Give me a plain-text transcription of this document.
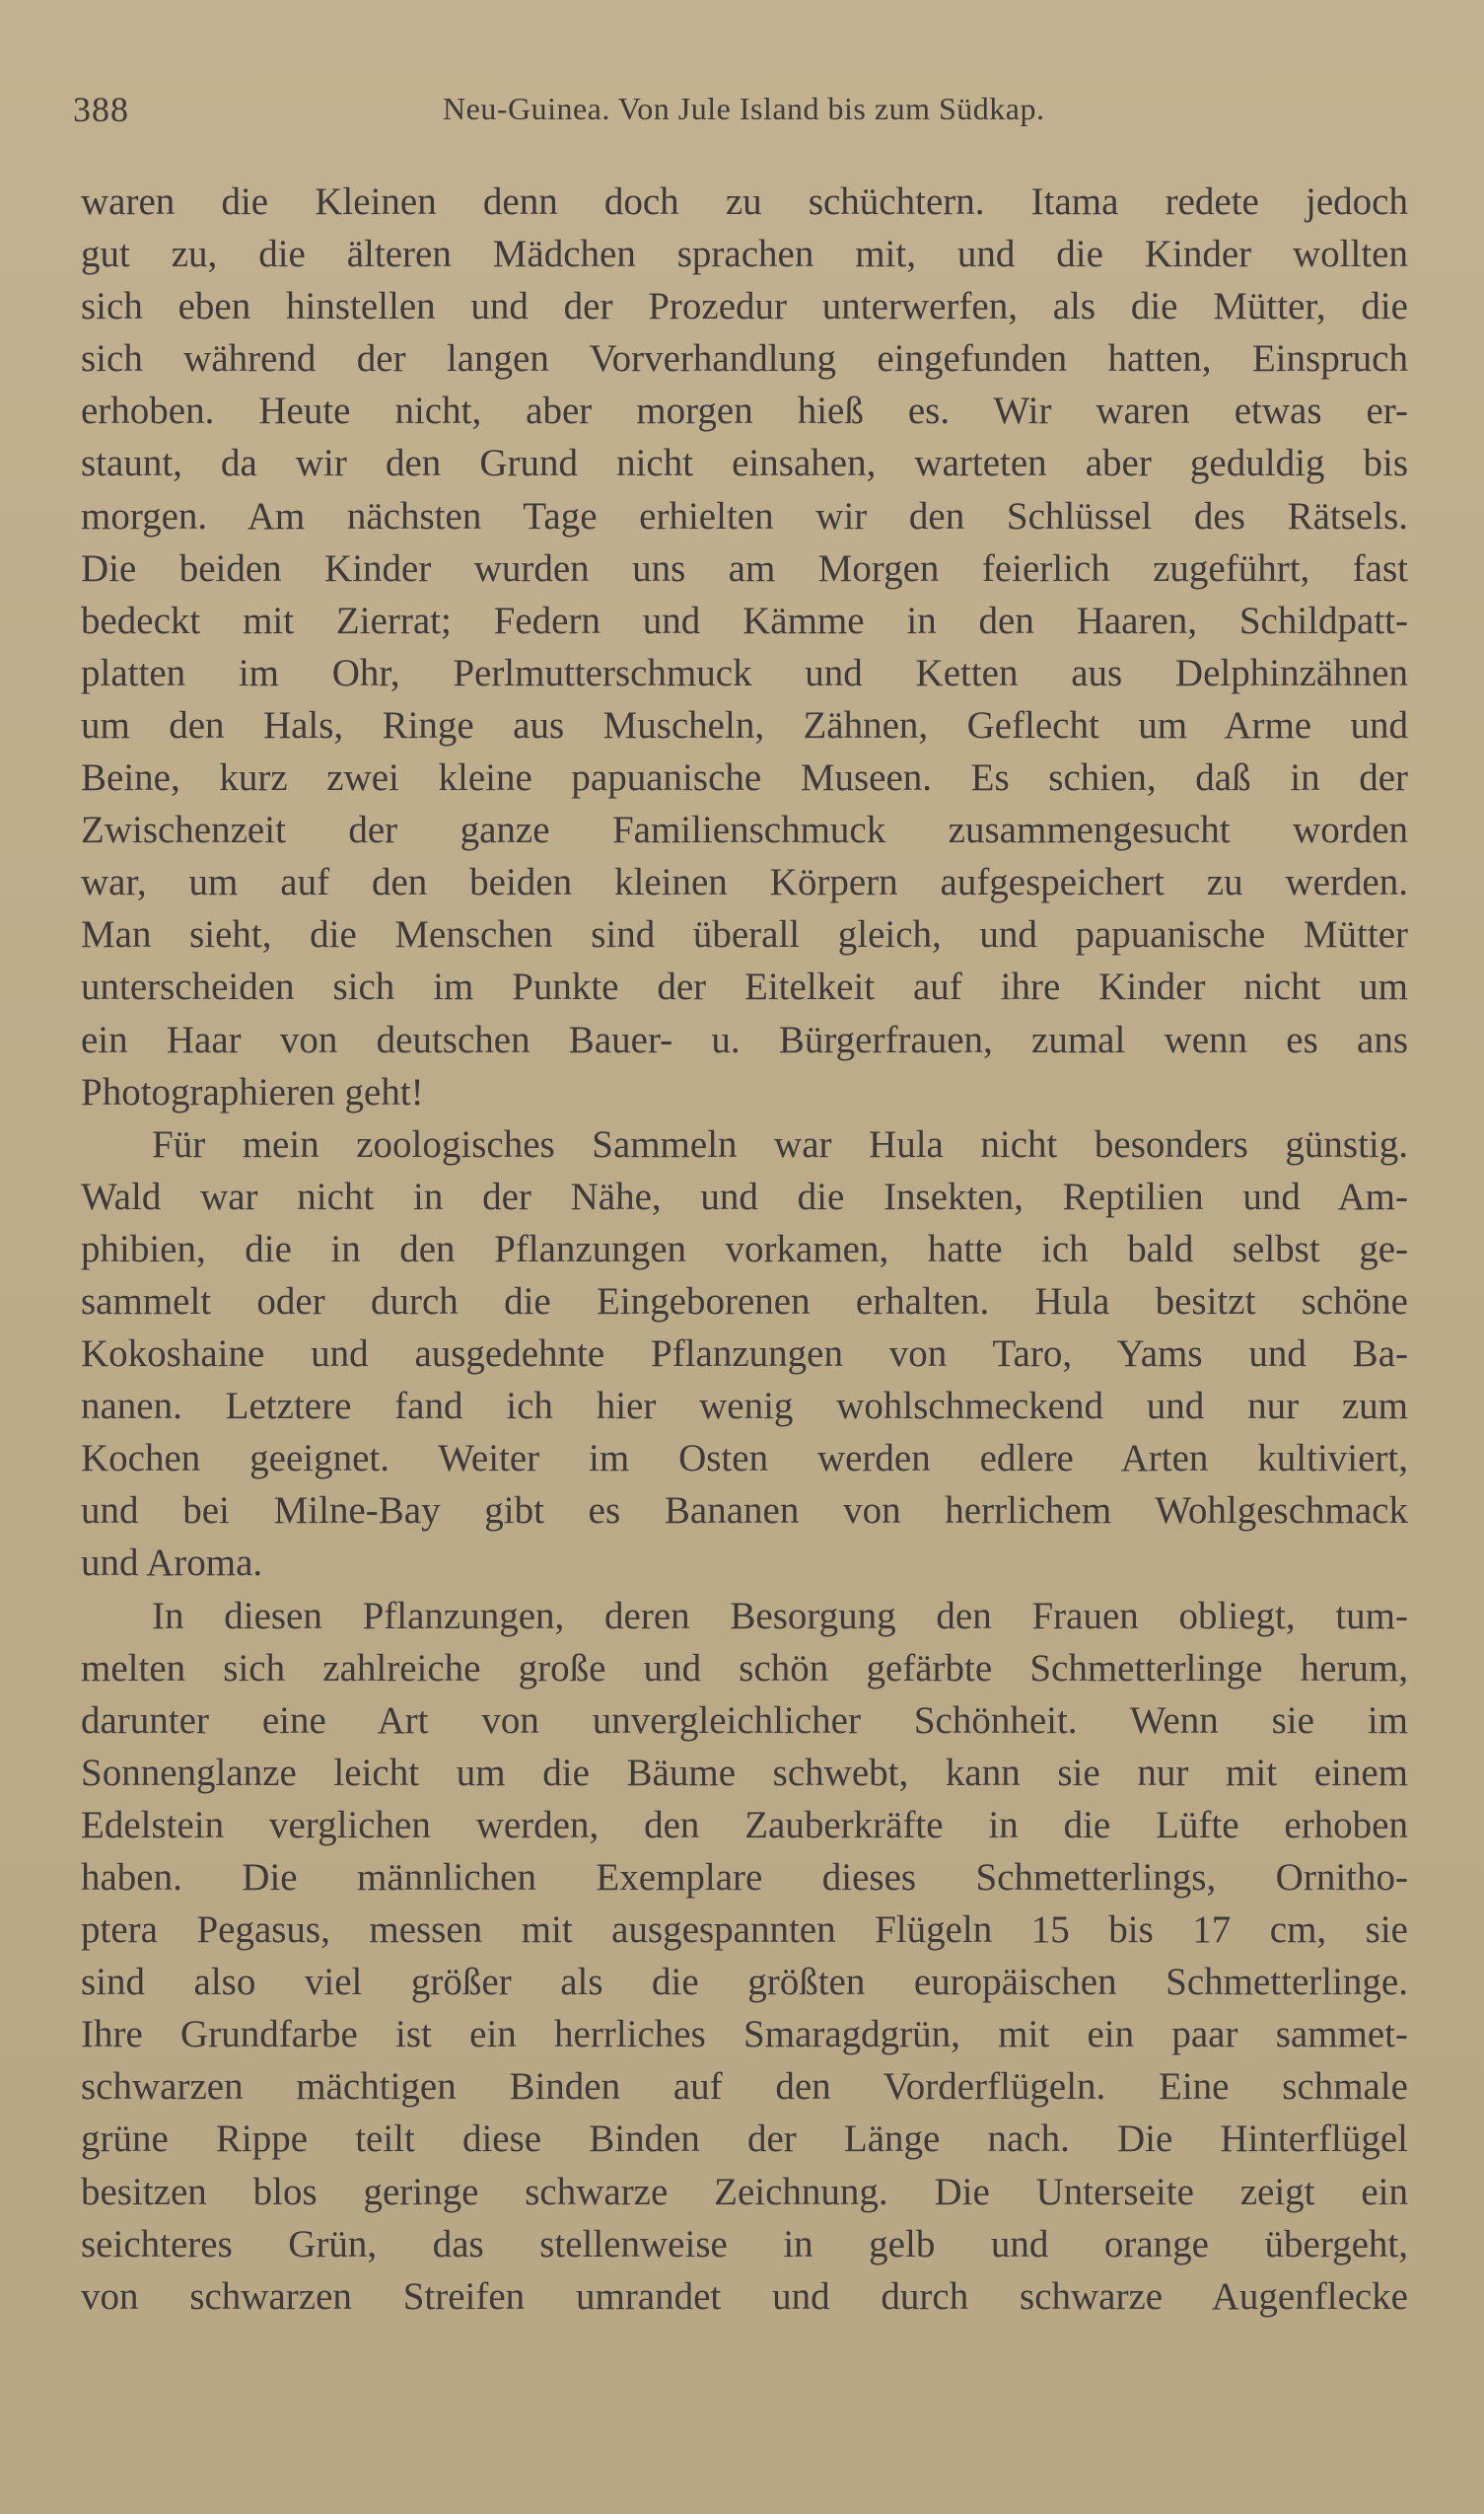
388	Neu-Guinea. Von Jule Island bis zum Südkap.
waren die Kleinen denn doch zu schüchtern. Itama redete jedoch
gut zu, die älteren Mädchen sprachen mit, und die Kinder wollten
sich eben hinstellen und der Prozedur unterwerfen, als die Mütter, die
sich während der langen Vorverhandlung eingefunden hatten, Einspruch
erhoben. Heute nicht, aber morgen hieß es. Wir waren etwas er-
staunt, da wir den Grund nicht einsahen, warteten aber geduldig bis
morgen. Am nächsten Tage erhielten wir den Schlüssel des Rätsels.
Die beiden Kinder wurden uns am Morgen feierlich zugeführt, fast
bedeckt mit Zierrat; Federn und Kämme in den Haaren, Schildpatt-
platten im Ohr, Perlmutterschmuck und Ketten aus Delphinzähnen
um den Hals, Ringe aus Muscheln, Zähnen, Geflecht um Arme und
Beine, kurz zwei kleine papuanische Museen. Es schien, daß in der
Zwischenzeit der ganze Familienschmuck zusammengesucht worden
war, um auf den beiden kleinen Körpern aufgespeichert zu werden.
Man sieht, die Menschen sind überall gleich, und papuanische Mütter
unterscheiden sich im Punkte der Eitelkeit auf ihre Kinder nicht um
ein Haar von deutschen Bauer- u. Bürgerfrauen, zumal wenn es ans
Photographieren geht!
Für mein zoologisches Sammeln war Hula nicht besonders günstig.
Wald war nicht in der Nähe, und die Insekten, Reptilien und Am-
phibien, die in den Pflanzungen vorkamen, hatte ich bald selbst ge-
sammelt oder durch die Eingeborenen erhalten. Hula besitzt schöne
Kokoshaine und ausgedehnte Pflanzungen von Taro, Yams und Ba-
nanen. Letztere fand ich hier wenig wohlschmeckend und nur zum
Kochen geeignet. Weiter im Osten werden edlere Arten kultiviert,
und bei Milne-Bay gibt es Bananen von herrlichem Wohlgeschmack
und Aroma.
In diesen Pflanzungen, deren Besorgung den Frauen obliegt, tum-
melten sich zahlreiche große und schön gefärbte Schmetterlinge herum,
darunter eine Art von unvergleichlicher Schönheit. Wenn sie im
Sonnenglanze leicht um die Bäume schwebt, kann sie nur mit einem
Edelstein verglichen werden, den Zauberkräfte in die Lüfte erhoben
haben. Die männlichen Exemplare dieses Schmetterlings, Ornitho-
ptera Pegasus, messen mit ausgespannten Flügeln 15 bis 17 cm, sie
sind also viel größer als die größten europäischen Schmetterlinge.
Ihre Grundfarbe ist ein herrliches Smaragdgrün, mit ein paar sammet-
schwarzen mächtigen Binden auf den Vorderflügeln. Eine schmale
grüne Rippe teilt diese Binden der Länge nach. Die Hinterflügel
besitzen blos geringe schwarze Zeichnung. Die Unterseite zeigt ein
seichteres Grün, das stellenweise in gelb und orange übergeht,
von schwarzen Streifen umrandet und durch schwarze Augenflecke
